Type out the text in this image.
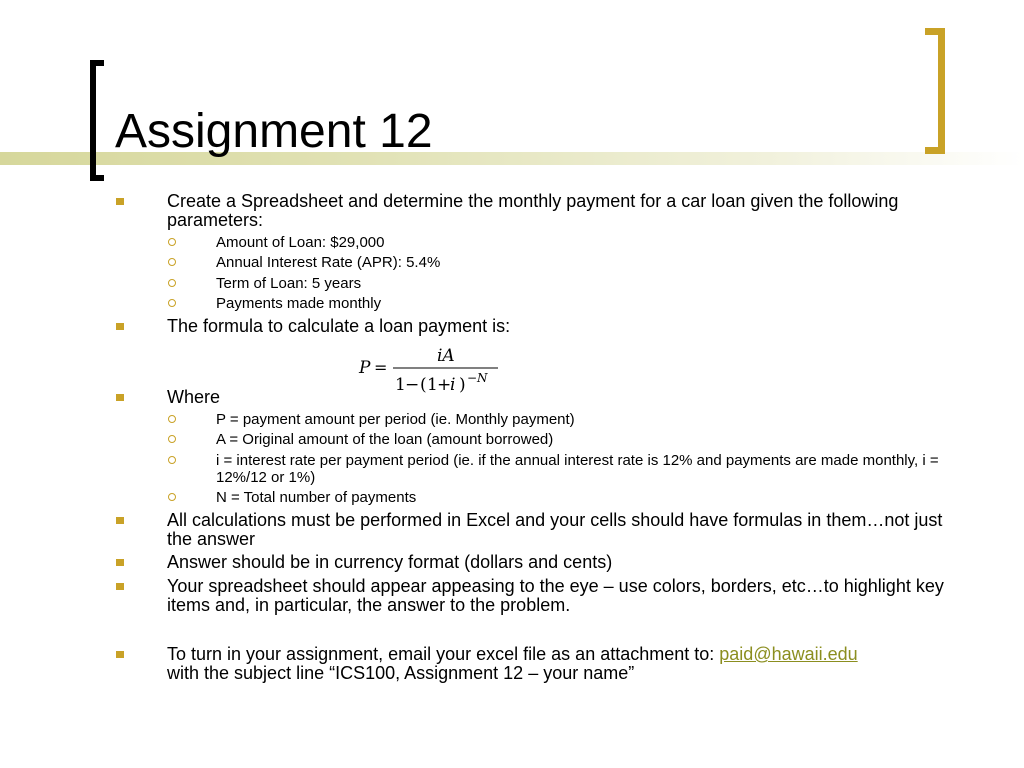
Assignment 12
Create a Spreadsheet and determine the monthly payment for a car loan given the following parameters:
Amount of Loan: $29,000
Annual Interest Rate (APR): 5.4%
Term of Loan: 5 years
Payments made monthly
The formula to calculate a loan payment is:
P =
iA
1 − ( 1 +
i ) −N
Where
P = payment amount per period (ie. Monthly payment)
A = Original amount of the loan (amount borrowed)
i = interest rate per payment period (ie. if the annual interest rate is 12% and payments are made monthly, i = 12%/12 or 1%)
N = Total number of payments
All calculations must be performed in Excel and your cells should have formulas in them…not just the answer
Answer should be in currency format (dollars and cents)
Your spreadsheet should appear appeasing to the eye – use colors, borders, etc…to highlight key items and, in particular, the answer to the problem.
To turn in your assignment, email your excel file as an attachment to: paid@hawaii.edu
with the subject line “ICS100, Assignment 12 – your name”
